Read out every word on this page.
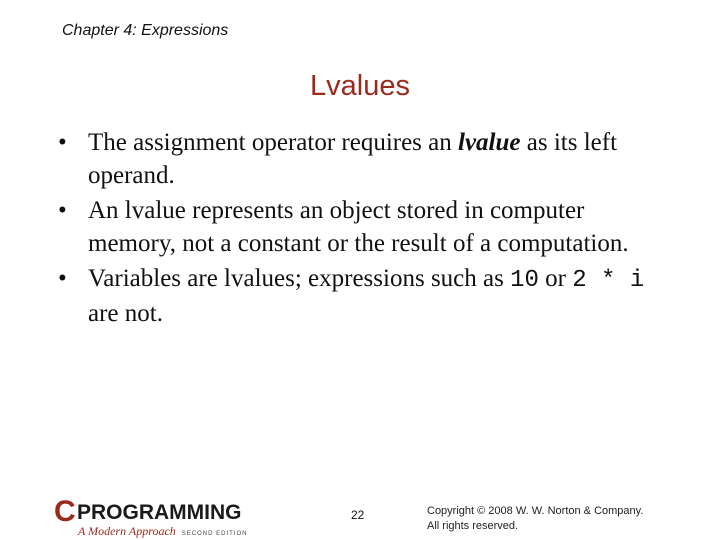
Chapter 4: Expressions
Lvalues
• The assignment operator requires an lvalue as its left operand.
• An lvalue represents an object stored in computer memory, not a constant or the result of a computation.
• Variables are lvalues; expressions such as 10 or 2 * i are not.
C PROGRAMMING
A Modern Approach SECOND EDITION
22	Copyright © 2008 W. W. Norton & Company.
All rights reserved.
